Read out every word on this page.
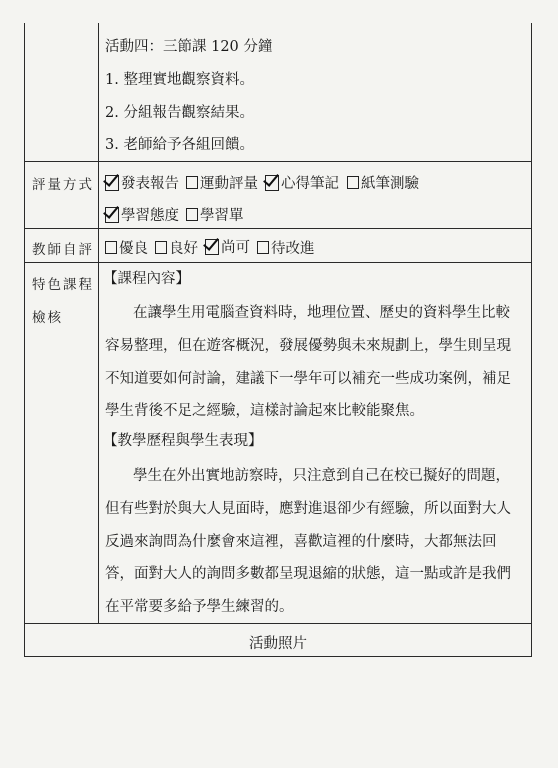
活動四：三節課 120 分鐘
1. 整理實地觀察資料。
2. 分組報告觀察結果。
3. 老師給予各組回饋。
評量方式 發表報告 運動評量 心得筆記 紙筆測驗
學習態度 學習單
教師自評 優良 良好 尚可 待改進
特色課程
檢核
【課程內容】
在讓學生用電腦查資料時，地理位置、歷史的資料學生比較
容易整理，但在遊客概況，發展優勢與未來規劃上，學生則呈現
不知道要如何討論，建議下一學年可以補充一些成功案例，補足
學生背後不足之經驗，這樣討論起來比較能聚焦。
【教學歷程與學生表現】
學生在外出實地訪察時，只注意到自己在校已擬好的問題，
但有些對於與大人見面時，應對進退卻少有經驗，所以面對大人
反過來詢問為什麼會來這裡，喜歡這裡的什麼時，大都無法回
答，面對大人的詢問多數都呈現退縮的狀態，這一點或許是我們
在平常要多給予學生練習的。
活動照片
